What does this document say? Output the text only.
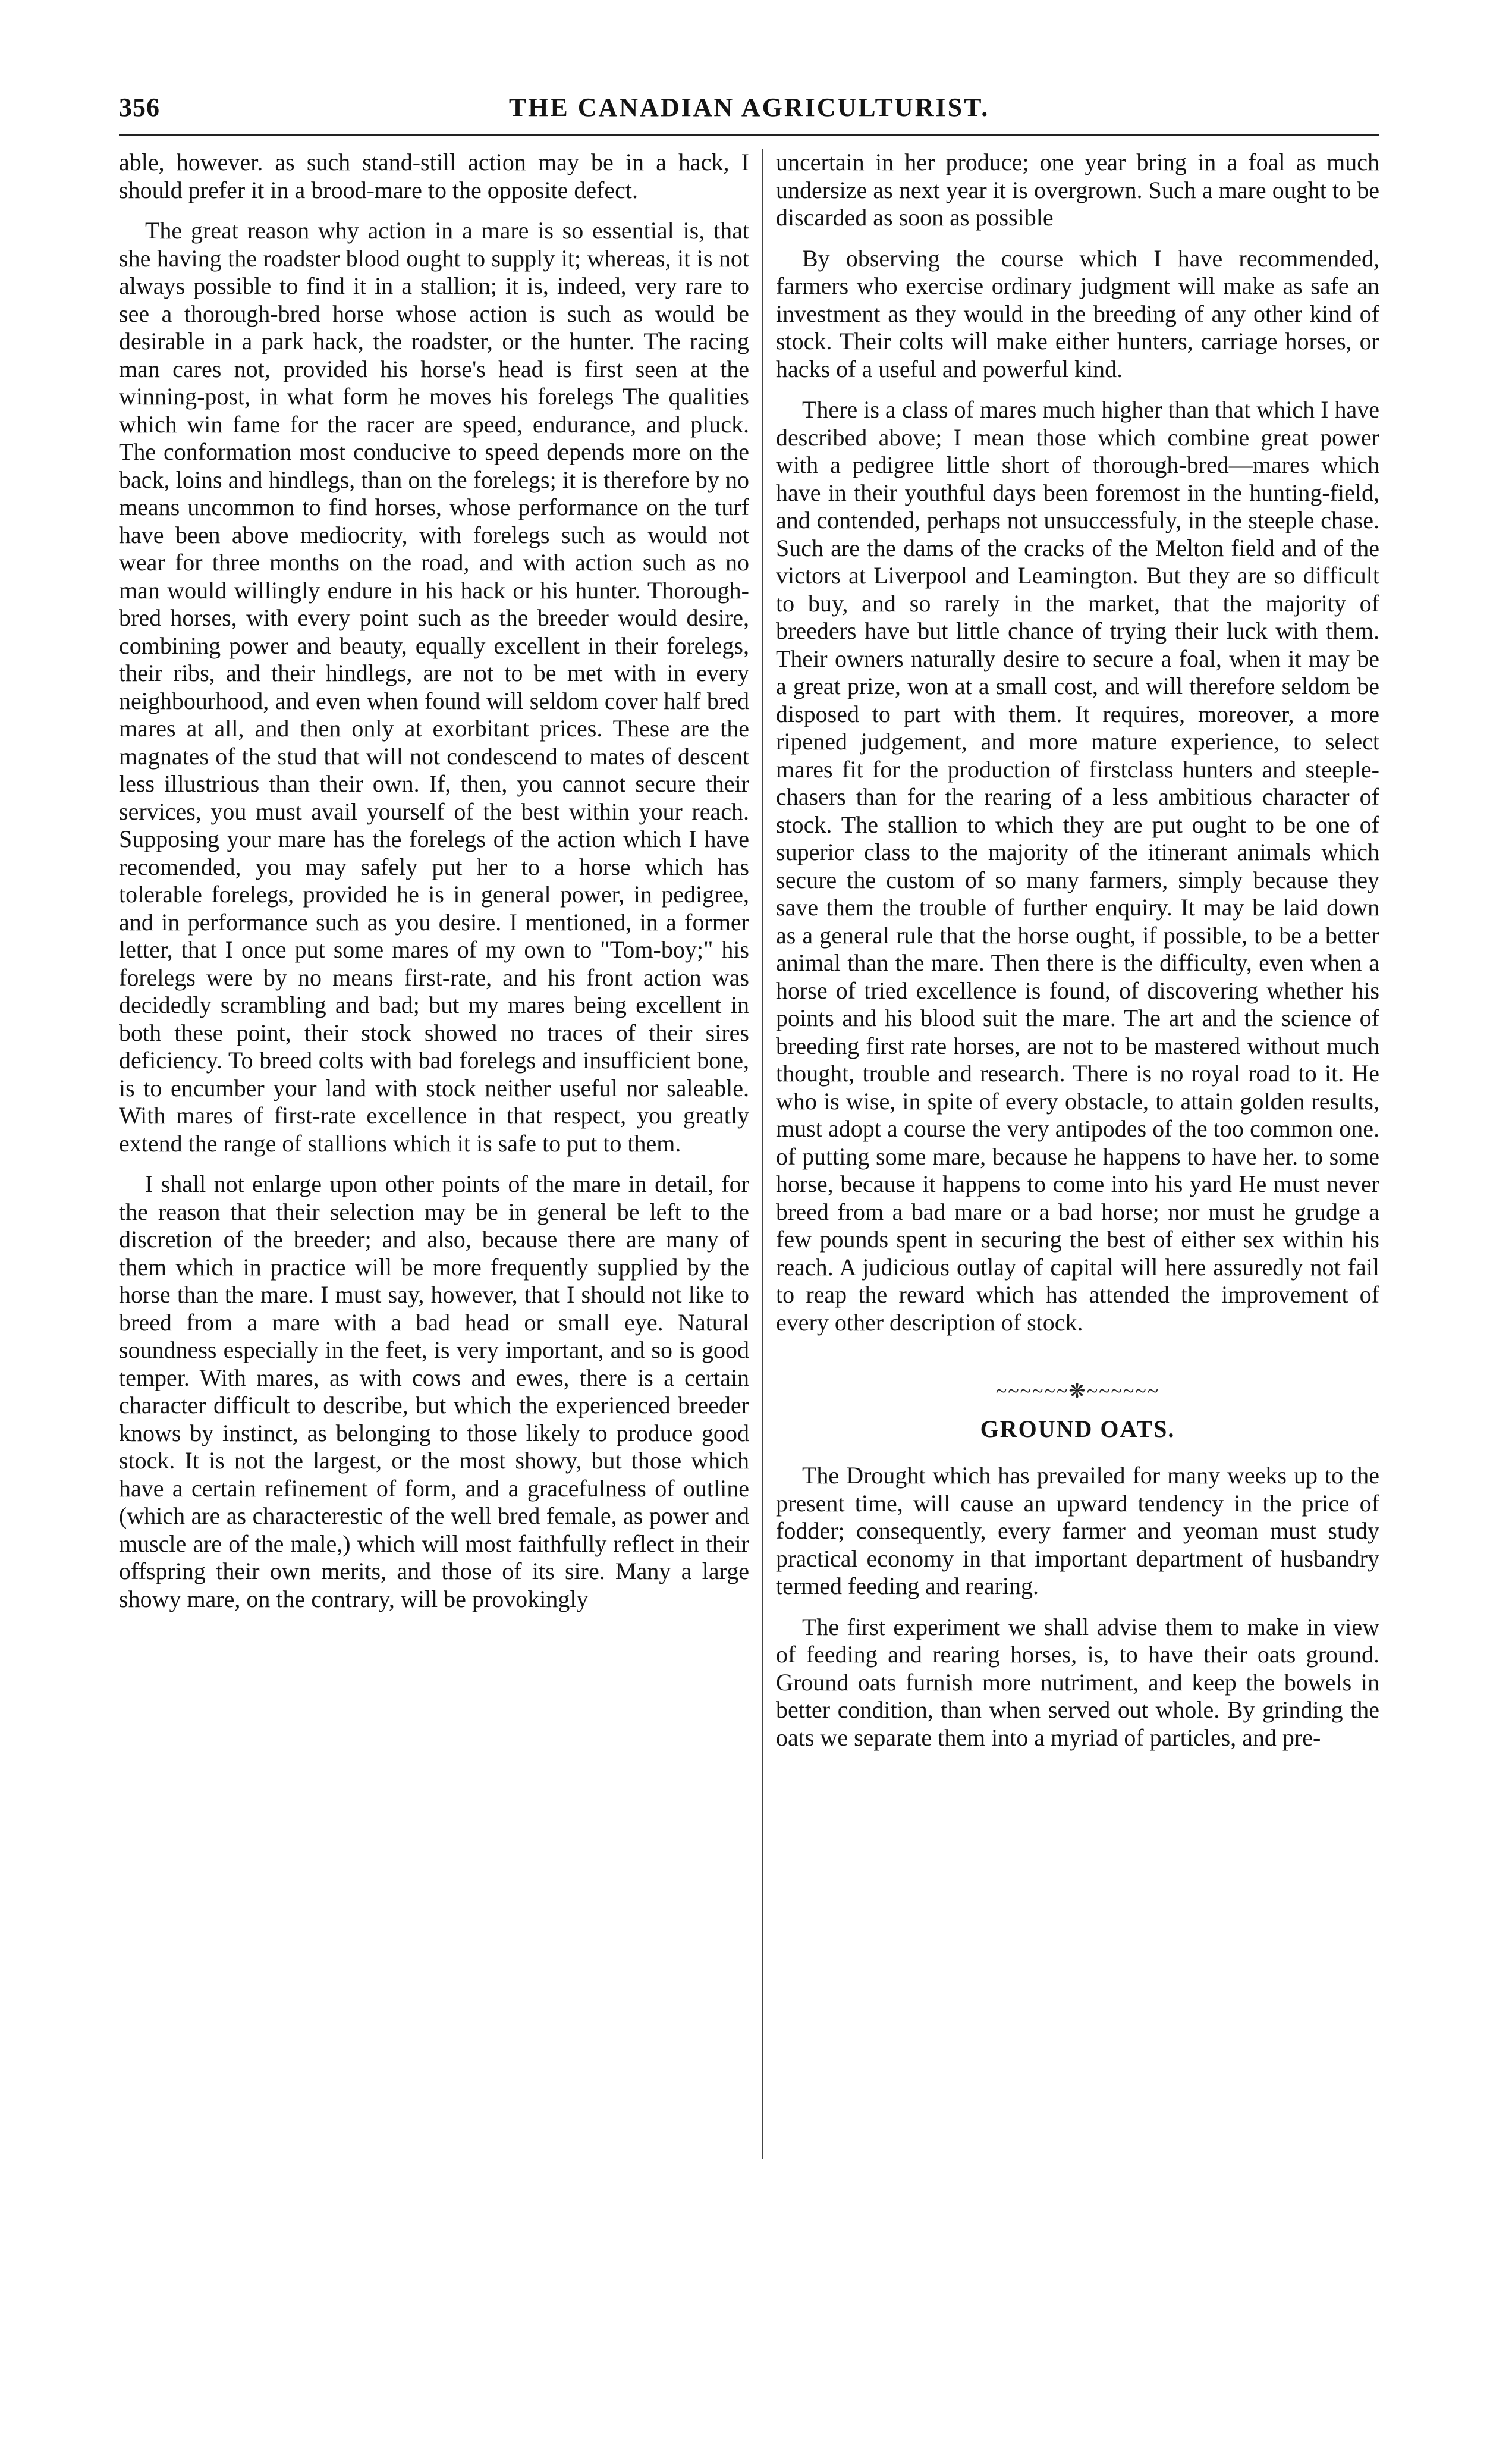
356	THE CANADIAN AGRICULTURIST.

able, however. as such stand-still action may be in a hack, I should prefer it in a brood-mare to the opposite defect.

The great reason why action in a mare is so essential is, that she having the roadster blood ought to supply it; whereas, it is not always possible to find it in a stallion; it is, indeed, very rare to see a thorough-bred horse whose action is such as would be desirable in a park hack, the roadster, or the hunter. The racing man cares not, provided his horse's head is first seen at the winning-post, in what form he moves his forelegs The qualities which win fame for the racer are speed, endurance, and pluck. The conformation most conducive to speed depends more on the back, loins and hindlegs, than on the forelegs; it is therefore by no means uncommon to find horses, whose performance on the turf have been above mediocrity, with forelegs such as would not wear for three months on the road, and with action such as no man would willingly endure in his hack or his hunter. Thorough-bred horses, with every point such as the breeder would desire, combining power and beauty, equally excellent in their forelegs, their ribs, and their hindlegs, are not to be met with in every neighbourhood, and even when found will seldom cover half bred mares at all, and then only at exorbitant prices. These are the magnates of the stud that will not condescend to mates of descent less illustrious than their own. If, then, you cannot secure their services, you must avail yourself of the best within your reach. Supposing your mare has the forelegs of the action which I have recomended, you may safely put her to a horse which has tolerable forelegs, provided he is in general power, in pedigree, and in performance such as you desire. I mentioned, in a former letter, that I once put some mares of my own to "Tom-boy;" his forelegs were by no means first-rate, and his front action was decidedly scrambling and bad; but my mares being excellent in both these point, their stock showed no traces of their sires deficiency. To breed colts with bad forelegs and insufficient bone, is to encumber your land with stock neither useful nor saleable. With mares of first-rate excellence in that respect, you greatly extend the range of stallions which it is safe to put to them.

I shall not enlarge upon other points of the mare in detail, for the reason that their selection may be in general be left to the discretion of the breeder; and also, because there are many of them which in practice will be more frequently supplied by the horse than the mare. I must say, however, that I should not like to breed from a mare with a bad head or small eye. Natural soundness especially in the feet, is very important, and so is good temper. With mares, as with cows and ewes, there is a certain character difficult to describe, but which the experienced breeder knows by instinct, as belonging to those likely to produce good stock. It is not the largest, or the most showy, but those which have a certain refinement of form, and a gracefulness of outline (which are as characterestic of the well bred female, as power and muscle are of the male,) which will most faithfully reflect in their offspring their own merits, and those of its sire. Many a large showy mare, on the contrary, will be provokingly

uncertain in her produce; one year bring in a foal as much undersize as next year it is overgrown. Such a mare ought to be discarded as soon as possible

By observing the course which I have recommended, farmers who exercise ordinary judgment will make as safe an investment as they would in the breeding of any other kind of stock. Their colts will make either hunters, carriage horses, or hacks of a useful and powerful kind.

There is a class of mares much higher than that which I have described above; I mean those which combine great power with a pedigree little short of thorough-bred—mares which have in their youthful days been foremost in the hunting-field, and contended, perhaps not unsuccessfuly, in the steeple chase. Such are the dams of the cracks of the Melton field and of the victors at Liverpool and Leamington. But they are so difficult to buy, and so rarely in the market, that the majority of breeders have but little chance of trying their luck with them. Their owners naturally desire to secure a foal, when it may be a great prize, won at a small cost, and will therefore seldom be disposed to part with them. It requires, moreover, a more ripened judgement, and more mature experience, to select mares fit for the production of firstclass hunters and steeple-chasers than for the rearing of a less ambitious character of stock. The stallion to which they are put ought to be one of superior class to the majority of the itinerant animals which secure the custom of so many farmers, simply because they save them the trouble of further enquiry. It may be laid down as a general rule that the horse ought, if possible, to be a better animal than the mare. Then there is the difficulty, even when a horse of tried excellence is found, of discovering whether his points and his blood suit the mare. The art and the science of breeding first rate horses, are not to be mastered without much thought, trouble and research. There is no royal road to it. He who is wise, in spite of every obstacle, to attain golden results, must adopt a course the very antipodes of the too common one. of putting some mare, because he happens to have her. to some horse, because it happens to come into his yard He must never breed from a bad mare or a bad horse; nor must he grudge a few pounds spent in securing the best of either sex within his reach. A judicious outlay of capital will here assuredly not fail to reap the reward which has attended the improvement of every other description of stock.

~~~~~~❋~~~~~~
GROUND OATS.

The Drought which has prevailed for many weeks up to the present time, will cause an upward tendency in the price of fodder; consequently, every farmer and yeoman must study practical economy in that important department of husbandry termed feeding and rearing.

The first experiment we shall advise them to make in view of feeding and rearing horses, is, to have their oats ground. Ground oats furnish more nutriment, and keep the bowels in better condition, than when served out whole. By grinding the oats we separate them into a myriad of particles, and pre-
